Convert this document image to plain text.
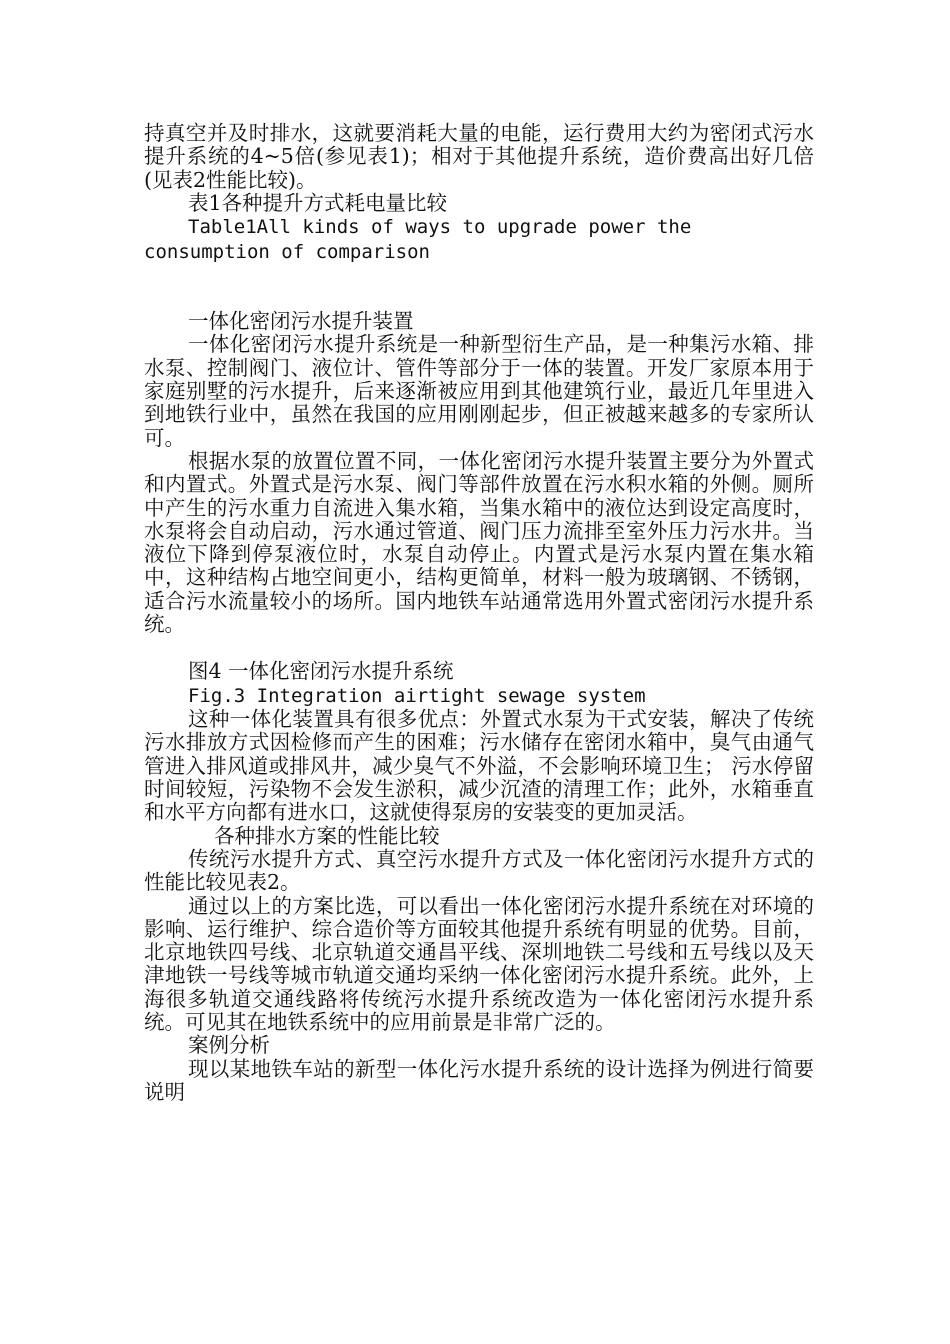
持真空并及时排水，这就要消耗大量的电能，运行费用大约为密闭式污水提升系统的4~5倍(参见表1)；相对于其他提升系统，造价费高出好几倍(见表2性能比较)。

表1各种提升方式耗电量比较

Table1All kinds of ways to upgrade power the consumption of comparison

一体化密闭污水提升装置

一体化密闭污水提升系统是一种新型衍生产品，是一种集污水箱、排水泵、控制阀门、液位计、管件等部分于一体的装置。开发厂家原本用于家庭别墅的污水提升，后来逐渐被应用到其他建筑行业，最近几年里进入到地铁行业中，虽然在我国的应用刚刚起步，但正被越来越多的专家所认可。

根据水泵的放置位置不同，一体化密闭污水提升装置主要分为外置式和内置式。外置式是污水泵、阀门等部件放置在污水积水箱的外侧。厕所中产生的污水重力自流进入集水箱，当集水箱中的液位达到设定高度时，水泵将会自动启动，污水通过管道、阀门压力流排至室外压力污水井。当液位下降到停泵液位时，水泵自动停止。内置式是污水泵内置在集水箱中，这种结构占地空间更小，结构更简单，材料一般为玻璃钢、不锈钢，适合污水流量较小的场所。国内地铁车站通常选用外置式密闭污水提升系统。

图4 一体化密闭污水提升系统

Fig.3 Integration airtight sewage system

这种一体化装置具有很多优点：外置式水泵为干式安装，解决了传统污水排放方式因检修而产生的困难；污水储存在密闭水箱中，臭气由通气管进入排风道或排风井，减少臭气不外溢，不会影响环境卫生； 污水停留时间较短，污染物不会发生淤积，减少沉渣的清理工作；此外，水箱垂直和水平方向都有进水口，这就使得泵房的安装变的更加灵活。

各种排水方案的性能比较

传统污水提升方式、真空污水提升方式及一体化密闭污水提升方式的性能比较见表2。

通过以上的方案比选，可以看出一体化密闭污水提升系统在对环境的影响、运行维护、综合造价等方面较其他提升系统有明显的优势。目前，北京地铁四号线、北京轨道交通昌平线、深圳地铁二号线和五号线以及天津地铁一号线等城市轨道交通均采纳一体化密闭污水提升系统。此外，上海很多轨道交通线路将传统污水提升系统改造为一体化密闭污水提升系统。可见其在地铁系统中的应用前景是非常广泛的。

案例分析

现以某地铁车站的新型一体化污水提升系统的设计选择为例进行简要说明
